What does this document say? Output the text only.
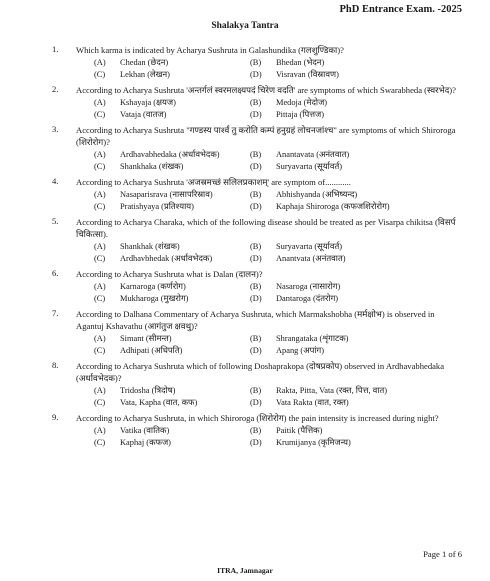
PhD Entrance Exam. -2025
Shalakya Tantra
1. Which karma is indicated by Acharya Sushruta in Galashundika (गलशुण्डिका)?
(A)	Chedan (छेदन)	(B)	Bhedan (भेदन)
(C)	Lekhan (लेखन)	(D)	Visravan (विस्रावण)
2. According to Acharya Sushruta 'अन्तर्गलं स्वरमलक्ष्यपदं चिरेण वदति' are symptoms of which Swarabheda (स्वरभेद)?
(A)	Kshayaja (क्षयज)	(B)	Medoja (मेदोज)
(C)	Vataja (वातज)	(D)	Pittaja (पित्तज)
3. According to Acharya Sushruta "गण्डस्य पार्श्वं तु करोति कम्पं हनुग्रहं लोचनजांश्च" are symptoms of which Shiroroga (शिरोरोग)?
(A)	Ardhavabhedaka (अर्धावभेदक)	(B)	Anantavata (अनंतवात)
(C)	Shankhaka (शंखक)	(D)	Suryavarta (सूर्यावर्त)
4. According to Acharya Sushruta 'अजस्रमच्छं सलिलप्रकाशम्' are symptom of............
(A)	Nasaparisrava (नासापरिस्राव)	(B)	Abhishyanda (अभिष्यन्द)
(C)	Pratishyaya (प्रतिश्याय)	(D)	Kaphaja Shiroroga (कफजशिरोरोग)
5. According to Acharya Charaka, which of the following disease should be treated as per Visarpa chikitsa (विसर्प चिकित्सा).
(A)	Shankhak (शंखक)	(B)	Suryavarta (सूर्यावर्त)
(C)	Ardhavbhedak (अर्धावभेदक)	(D)	Anantvata (अनंतवात)
6. According to Acharya Sushruta what is Dalan (दालन)?
(A)	Karnaroga (कर्णरोग)	(B)	Nasaroga (नासारोग)
(C)	Mukharoga (मुखरोग)	(D)	Dantaroga (दंतरोग)
7. According to Dalhana Commentary of Acharya Sushruta, which Marmakshobha (मर्मक्षोभ) is observed in Agantuj Kshavathu (आगंतुज क्षवथु)?
(A)	Simant (सीमन्त)	(B)	Shrangataka (शृंगाटक)
(C)	Adhipati (अधिपति)	(D)	Apang (अपांग)
8. According to Acharya Sushruta which of following Doshaprakopa (दोषप्रकोप) observed in Ardhavabhedaka (अर्धावभेदक)?
(A)	Tridosha (त्रिदोष)	(B)	Rakta, Pitta, Vata (रक्त, पित्त, वात)
(C)	Vata, Kapha (वात, कफ)	(D)	Vata Rakta (वात, रक्त)
9. According to Acharya Sushruta, in which Shiroroga (शिरोरोग) the pain intensity is increased during night?
(A)	Vatika (वातिक)	(B)	Paitik (पैत्तिक)
(C)	Kaphaj (कफज)	(D)	Krumijanya (कृमिजन्य)
Page 1 of 6
ITRA, Jamnagar
